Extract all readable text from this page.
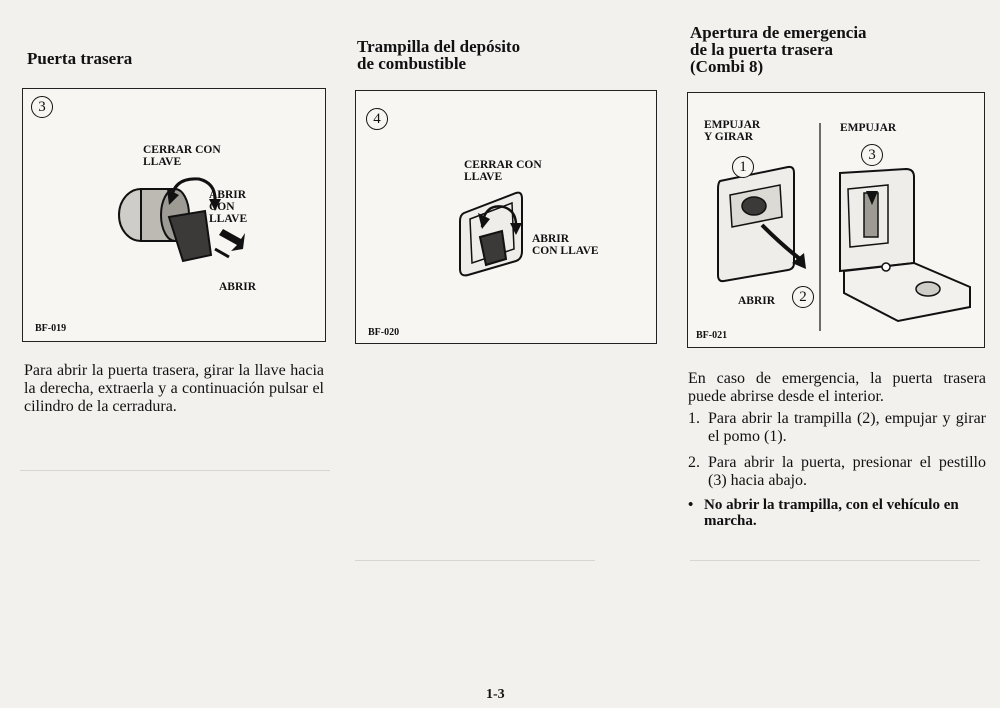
Puerta trasera
3
CERRAR CON
LLAVE
ABRIR
CON
LLAVE
ABRIR
BF-019
Para abrir la puerta trasera, girar la llave hacia la derecha, extraerla y a continuación pulsar el cilindro de la cerradura.
Trampilla del depósito
de combustible
4
CERRAR CON
LLAVE
ABRIR
CON LLAVE
BF-020
Apertura de emergencia
de la puerta trasera
(Combi 8)
EMPUJAR
Y GIRAR
EMPUJAR
ABRIR
1
2
3
BF-021
En caso de emergencia, la puerta trasera puede abrirse desde el interior.
1. Para abrir la trampilla (2), empujar y girar el pomo (1).
2. Para abrir la puerta, presionar el pestillo (3) hacia abajo.
• No abrir la trampilla, con el vehículo en marcha.
1-3
